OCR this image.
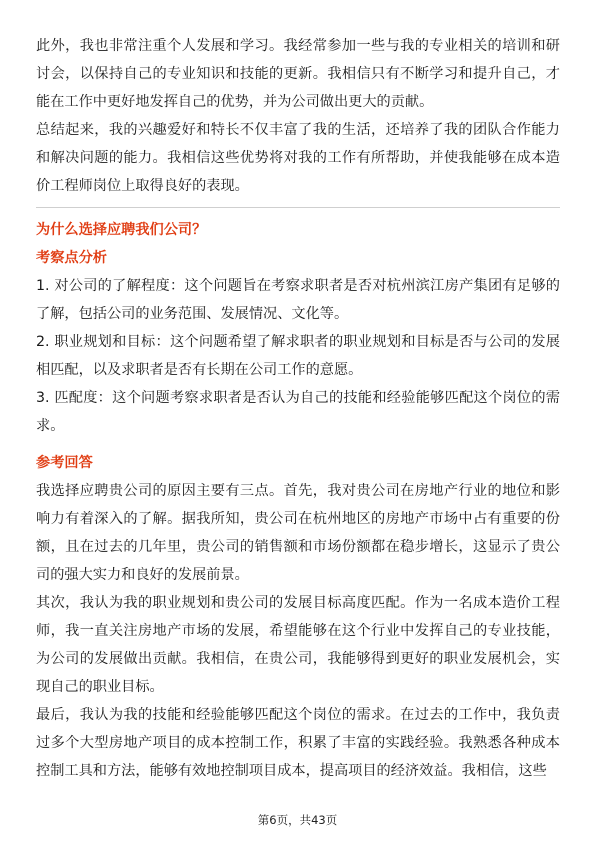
此外，我也非常注重个人发展和学习。我经常参加一些与我的专业相关的培训和研讨会，以保持自己的专业知识和技能的更新。我相信只有不断学习和提升自己，才能在工作中更好地发挥自己的优势，并为公司做出更大的贡献。

总结起来，我的兴趣爱好和特长不仅丰富了我的生活，还培养了我的团队合作能力和解决问题的能力。我相信这些优势将对我的工作有所帮助，并使我能够在成本造价工程师岗位上取得良好的表现。

为什么选择应聘我们公司？

考察点分析

1. 对公司的了解程度：这个问题旨在考察求职者是否对杭州滨江房产集团有足够的了解，包括公司的业务范围、发展情况、文化等。

2. 职业规划和目标：这个问题希望了解求职者的职业规划和目标是否与公司的发展相匹配，以及求职者是否有长期在公司工作的意愿。

3. 匹配度：这个问题考察求职者是否认为自己的技能和经验能够匹配这个岗位的需求。

参考回答

我选择应聘贵公司的原因主要有三点。首先，我对贵公司在房地产行业的地位和影响力有着深入的了解。据我所知，贵公司在杭州地区的房地产市场中占有重要的份额，且在过去的几年里，贵公司的销售额和市场份额都在稳步增长，这显示了贵公司的强大实力和良好的发展前景。

其次，我认为我的职业规划和贵公司的发展目标高度匹配。作为一名成本造价工程师，我一直关注房地产市场的发展，希望能够在这个行业中发挥自己的专业技能，为公司的发展做出贡献。我相信，在贵公司，我能够得到更好的职业发展机会，实现自己的职业目标。

最后，我认为我的技能和经验能够匹配这个岗位的需求。在过去的工作中，我负责过多个大型房地产项目的成本控制工作，积累了丰富的实践经验。我熟悉各种成本控制工具和方法，能够有效地控制项目成本，提高项目的经济效益。我相信，这些

第6页，共43页
